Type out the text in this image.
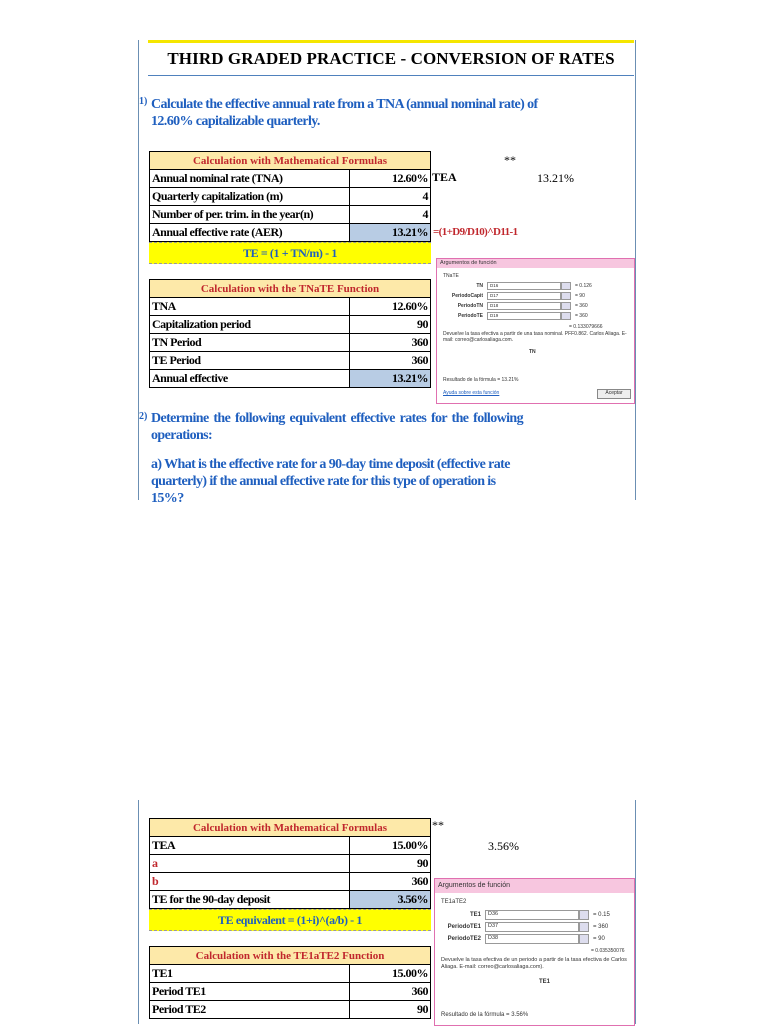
THIRD GRADED PRACTICE - CONVERSION OF RATES
1) Calculate the effective annual rate from a TNA (annual nominal rate) of 12.60% capitalizable quarterly.
**
Calculation with Mathematical Formulas	
Annual nominal rate (TNA)	12.60%
Quarterly capitalization (m)	4
Number of per. trim. in the year(n)	4
Annual effective rate (AER)	13.21%
TEA	13.21%
=(1+D9/D10)^D11-1
TE = (1 + TN/m) - 1
Calculation with the TNaTE Function	
TNA	12.60%
Capitalization period	90
TN Period	360
TE Period	360
Annual effective	13.21%
Argumentos de función
TNaTE
TN	D16	= 0.126
PeriodoCapit	D17	= 90
PeriodoTN	D18	= 360
PeriodoTE	D19	= 360
= 0.133079666
Devuelve la tasa efectiva a partir de una tasa nominal. PFF0.862. Carlos Aliaga. E-mail: correo@carlosaliaga.com.
TN
Resultado de la fórmula = 13.21%
Ayuda sobre esta función	Aceptar
2) Determine the following equivalent effective rates for the following operations:
a) What is the effective rate for a 90-day time deposit (effective rate quarterly) if the annual effective rate for this type of operation is 15%?
**
3.56%
Calculation with Mathematical Formulas	
TEA	15.00%
a	90
b	360
TE for the 90-day deposit	3.56%
TE equivalent = (1+i)^(a/b) - 1
Calculation with the TE1aTE2 Function	
TE1	15.00%
Period TE1	360
Period TE2	90
Argumentos de función
TE1aTE2
TE1	D36	= 0.15
PeriodoTE1	D37	= 360
PeriodoTE2	D38	= 90
= 0.035350076
Devuelve la tasa efectiva de un periodo a partir de la tasa efectiva de Carlos Aliaga. E-mail: correo@carlosaliaga.com).
TE1
Resultado de la fórmula = 3.56%
